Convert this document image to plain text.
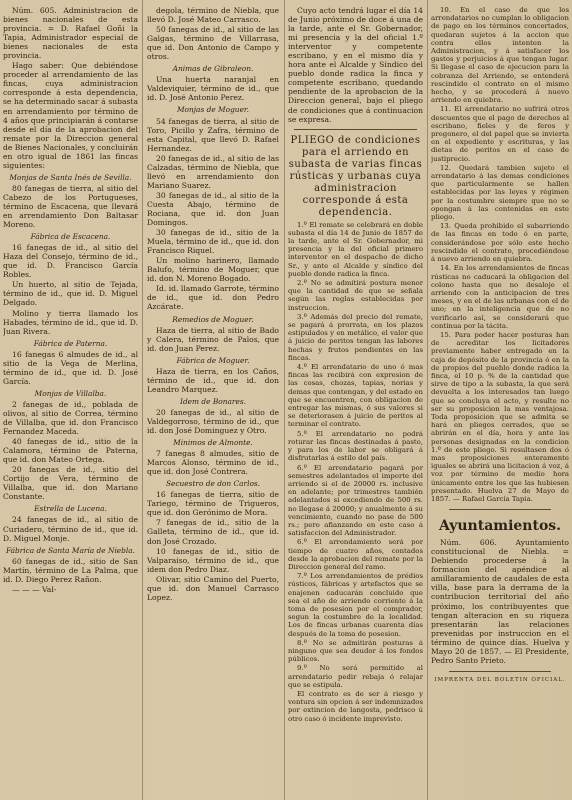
Núm. 605. Administracion de bienes nacionales de esta provincia. = D. Rafael Goñi la Tapia, Administrador especial de bienes nacionales de esta provincia.

Hago saber: Que debiéndose proceder al arrendamiento de las fincas, cuya administracion corresponde á esta dependencia, se ha determinado sacar á subasta en arrendamiento por término de 4 años que principiarán á contarse desde el día de la aprobacion del remate por la Direccion general de Bienes Nacionales, y concluirán en otro igual de 1861 las fincas siguientes:

Monjas de Santa Inés de Sevilla.

80 fanegas de tierra, al sitio del Cabezo de los Portugueses, término de Escacena, que llevará en arrendamiento Don Baltasar Moreno.

Fábrica de Escacena.

16 fanegas de id., al sitio del Haza del Consejo, término de id., que id. D. Francisco García Robles.

Un huerto, al sitio de Tejada, término de id., que id. D. Miguel Delgado.

Molino y tierra llamado los Habades, término de id., que id. D. Juan Rivera.

Fábrica de Paterna.

16 fanegas 6 almudes de id., al sitio de la Vega de Merlina, término de id., que id. D. José García.

Monjas de Villalba.

2 fanegas de id., poblada de olivos, al sitio de Correa, término de Villalba, que id. don Francisco Fernandez Maceda.

40 fanegas de id., sitio de la Calamora, término de Paterna, que id. don Mateo Ortega.

20 fanegas de id., sitio del Cortijo de Vera, término de Villalba, que id. don Mariano Constante.

Estrella de Lucena.

24 fanegas de id., al sitio de Curiadero, término de id., que id. D. Miguel Monje.

Fábrica de Santa María de Niebla.

60 fanegas de id., sitio de San Martín, término de La Palma, que id. D. Diego Perez Rañon.

— — — Val-

degola, término de Niebla, que llevó D. José Mateo Carrasco.

50 fanegas de id., al sitio de las Galgas, término de Villarrasa, que id. Don Antonio de Campo y otros.

Animas de Gibraleon.

Una huerta naranjal en Valdeviquier, término de id., que id. D. José Antonio Perez.

Monjas de Moguer.

54 fanegas de tierra, al sitio de Toro, Picillo y Zafra, término de esta Capital, que llevó D. Rafael Hernandez.

20 fanegas de id., al sitio de las Calzadas, término de Niebla, que llevó en arrendamiento don Mariano Suarez.

30 fanegas de id., al sitio de la Cuesta Abajo, término de Rociana, que id. don Juan Domingos.

30 fanegas de id., sitio de la Muela, término de id., que id. don Francisco Riquel.

Un molino harinero, llamado Balufo, término de Moguer, que id. don N. Moreno Bogado.

Id. id. llamado Garrote, término de id., que id. don Pedro Azcárate.

Remedios de Moguer.

Haza de tierra, al sitio de Bado y Calera, término de Palos, que id. don Juan Perez.

Fábrica de Moguer.

Haza de tierra, en los Caños, término de id., que id. don Leandro Marquez.

Idem de Bonares.

20 fanegas de id., al sitio de Valdegorroso, término de id., que id. don José Dominguez y Otro.

Minimos de Almonte.

7 fanegas 8 almudes, sitio de Marcos Alonso, término de id., que id. don José Contrera.

Secuestro de don Carlos.

16 fanegas de tierra, sitio de Tariego, término de Trigueros, que id. don Gerónimo de Mora.

7 fanegas de id., sitio de la Galleta, término de id., que id. don José Crozado.

10 fanegas de id., sitio de Valparaiso, término de id., que idem don Pedro Diaz.

Olivar, sitio Camino del Puerto, que id. don Manuel Carrasco Lopez.

Cuyo acto tendrá lugar el día 14 de Junio próximo de doce á una de la tarde, ante el Sr. Gobernador, mi presencia y la del oficial 1.º interventor y competente escribano, y en el mismo día y hora ante el Alcalde y Síndico del pueblo donde radica la finca y competente escribano, quedando pendiente de la aprobacion de la Direccion general, bajo el pliego de condiciones que á continuacion se expresa.

PLIEGO de condiciones para el arriendo en subasta de varias fincas rústicas y urbanas cuya administracion corresponde á esta dependencia.

1.º El remate se celebrará en doble subasta el día 14 de Junio de 1857 de la tarde, ante el Sr. Gobernador, mi presencia y la del oficial primero interventor en el despacho de dicho Sr., y ante el Alcalde y síndico del pueblo donde radica la finca.

2.º No se admitirá postura menor que la cantidad de que se señala según las reglas establecidas por instruccion.

3.º Además del precio del remate, se pagará á prorrata, en los plazos estipulados y en metálico, el valor que á juicio de peritos tengan las labores hechas y frutos pendientes en las fincas.

4.º El arrendatario de uno ó mas fincas las recibirá con expresion de las cosas, chozas, tapias, norias y demas que contengan, y del estado en que se encuentren, con obligacion de entregar las mismas, ó sus valores si se deteriorasen á juicio de peritos al terminar el contrato.

5.º El arrendatario no podrá roturar las fincas destinadas á pasto, y para los de labor se obligará á disfrutarlas á estilo del país.

6.º El arrendatario pagará por semestres adelantados el importe del arriendo si el de 20000 rs. inclusive en adelante; por trimestres también adelantados si excediendo de 500 rs. no llegase á 20000; y anualmente á su vencimiento, cuando no pase de 500 rs.; pero afianzando en este caso á satisfaccion del Administrador.

6.º El arrendamiento será por tiempo de cuatro años, contados desde la aprobacion del remate por la Direccion general del ramo.

7.º Los arrendamientos de prédios rústicos, fábricas y artefactos que se enajenen caducarán concluido que sea el año de arriendo corriente á la toma de posesion por el comprador, segun la costumbre de la localidad. Los de fincas urbanas cuarenta días después de la toma de posesion.

8.º No se admitirán posturas á ninguno que sea deudor á los fondos públicos.

9.º No será permitido al arrendatario pedir rebaja ó relajar que se estipula.

El contrato es de ser á riesgo y ventura sin opcion á ser indemnizados por extincion de langosta, pedrisco ú otro caso ó incidente imprevisto.

10. En el caso de que los arrendatarios no cumplan lo obligacion de pago en los términos concertados, quedaran sujetos á la accion que contra ellos intenten la Administracion, y á satisfacer los gastos y perjuicios á que tengan lugar. Si llegase el caso de ejecucion para la cobranza del Arriendo, se entenderá rescindido el contrato en el mismo hecho, y se procederá á nuevo arriendo en quiebra.

11. El arrendatario no sufrirá otros descuentos que el pago de derechos al escribano, fieles y de feros y pregonero, el del papel que se invierta en el expediente y escrituras, y las dietas de peritos en el caso de justiprecio.

12. Quedará tambien sujeto el arrendatario á las demas condiciones que particularmente se hallen establecidas por las leyes y régimen por la costumbre siempre que no se opongan á las contenidas en este pliego.

13. Queda prohibido el subarriendo de las fincas en todo ó en parte, considerándose por sólo este hecho rescindido el contrato, procediéndose á nuevo arriendo en quiebra.

14. En los arrendamientos de fincas rústicas no caducará la obligacion del colono hasta que no desaloje el arriendo con la anticipacion de tres meses, y en el de las urbanas con el de uno; en la inteligencia que de no verificarlo así, se considerará que continua por la tácita.

15. Para poder hacer posturas han de acreditar los licitadores previamente haber entregado en la caja de depósito de la provincia ó en la de propios del pueblo donde radica la finca, el 10 p. % de la cantidad que sirve de tipo a la subasta, la que será devuelta a los interesados tan luego que se concluya el acto, y resulte no ser su proposicion la mas ventajosa. Toda proposicion que se admita se hará en pliegos cerrados, que se abrirán en el día, hora y ante las personas designadas en la condicion 1.º de este pliego. Si resultasen dos ó mas proposiciones enteramente iguales se abrirá una licitacion á voz, á voz por término de medio hora únicamente entre los que las hubiesen presentado. Huelva 27 de Mayo de 1857. — Rafael García Tapia.

Ayuntamientos.

Núm. 606. Ayuntamiento constitucional de Niebla. = Debiendo procederse á la formacion del apéndice al amillaramiento de caudales de esta villa, base para la derrama de la contribucion territorial del año próximo, los contribuyentes que tengan alteracion en su riqueza presentarán las relaciones prevenidas por instruccion en el término de quince días. Huelva y Mayo 20 de 1857. — El Presidente, Pedro Santo Prieto.

IMPRENTA DEL BOLETIN OFICIAL.
